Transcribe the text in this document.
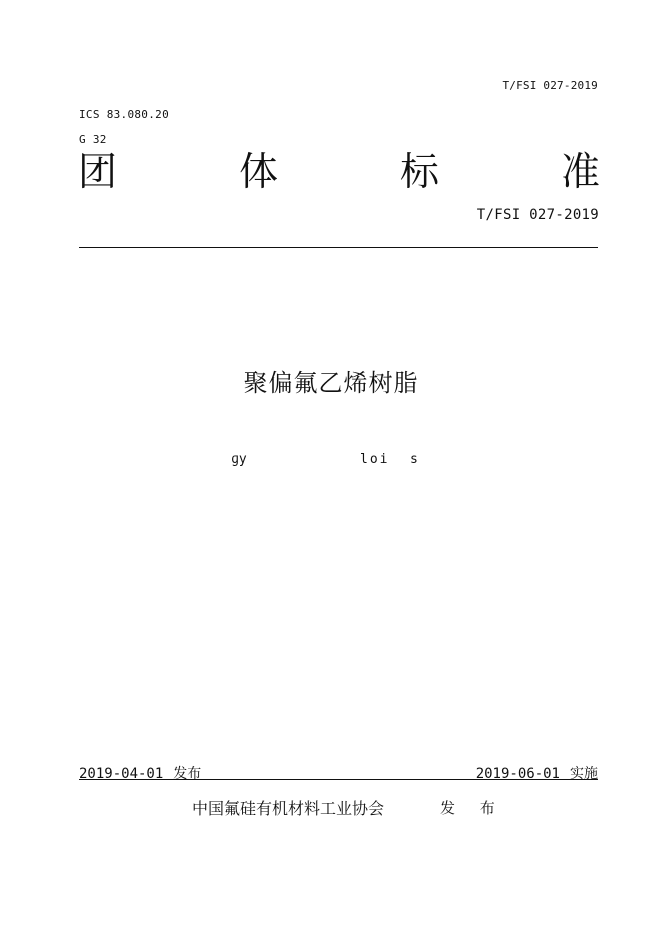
T/FSI 027-2019
ICS 83.080.20
G 32
团	体	标	准
T/FSI 027-2019
聚偏氟乙烯树脂
ɡy	loi s
2019-04-01 发布	2019-06-01 实施
中国氟硅有机材料工业协会	发 布
